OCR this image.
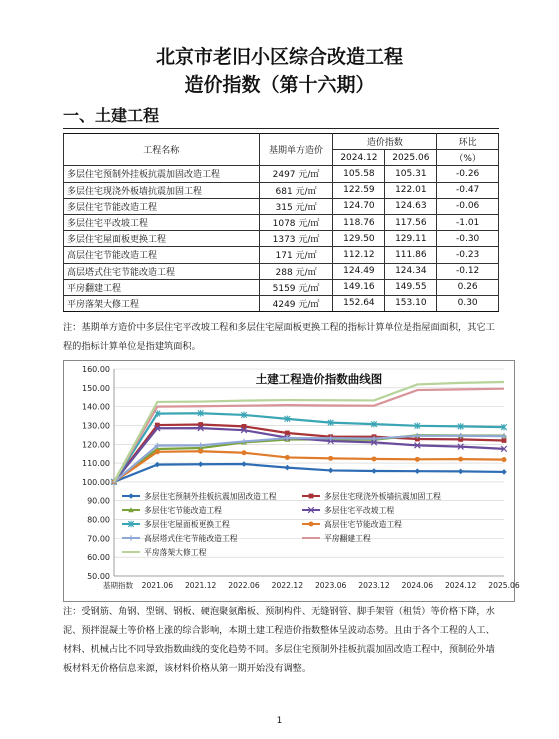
北京市老旧小区综合改造工程
造价指数（第十六期）
一、土建工程
工程名称	基期单方造价	造价指数		环比
		2024.12	2025.06	（%）
多层住宅预制外挂板抗震加固改造工程	2497 元/㎡	105.58	105.31	-0.26
多层住宅现浇外板墙抗震加固工程	681 元/㎡	122.59	122.01	-0.47
多层住宅节能改造工程	315 元/㎡	124.70	124.63	-0.06
多层住宅平改坡工程	1078 元/㎡	118.76	117.56	-1.01
多层住宅屋面板更换工程	1373 元/㎡	129.50	129.11	-0.30
高层住宅节能改造工程	171 元/㎡	112.12	111.86	-0.23
高层塔式住宅节能改造工程	288 元/㎡	124.49	124.34	-0.12
平房翻建工程	5159 元/㎡	149.16	149.55	0.26
平房落架大修工程	4249 元/㎡	152.64	153.10	0.30
注：基期单方造价中多层住宅平改坡工程和多层住宅屋面板更换工程的指标计算单位是指屋面面积，其它工程的指标计算单位是指建筑面积。
50.00
60.00
70.00
80.00
90.00
100.00
110.00
120.00
130.00
140.00
150.00
160.00
基期指数 2021.06 2021.12 2022.06 2022.12 2023.06 2023.12 2024.06 2024.12 2025.06
土建工程造价指数曲线图
多层住宅预制外挂板抗震加固改造工程	多层住宅现浇外板墙抗震加固工程
多层住宅节能改造工程	多层住宅平改坡工程
多层住宅屋面板更换工程	高层住宅节能改造工程
高层塔式住宅节能改造工程	平房翻建工程
平房落架大修工程
注：受钢筋、角钢、型钢、钢板、硬泡聚氨酯板、预制构件、无缝钢管、脚手架管（租赁）等价格下降，水泥、预拌混凝土等价格上涨的综合影响，本期土建工程造价指数整体呈波动态势。且由于各个工程的人工、材料、机械占比不同导致指数曲线的变化趋势不同。多层住宅预制外挂板抗震加固改造工程中，预制砼外墙板材料无价格信息来源，该材料价格从第一期开始没有调整。
1
